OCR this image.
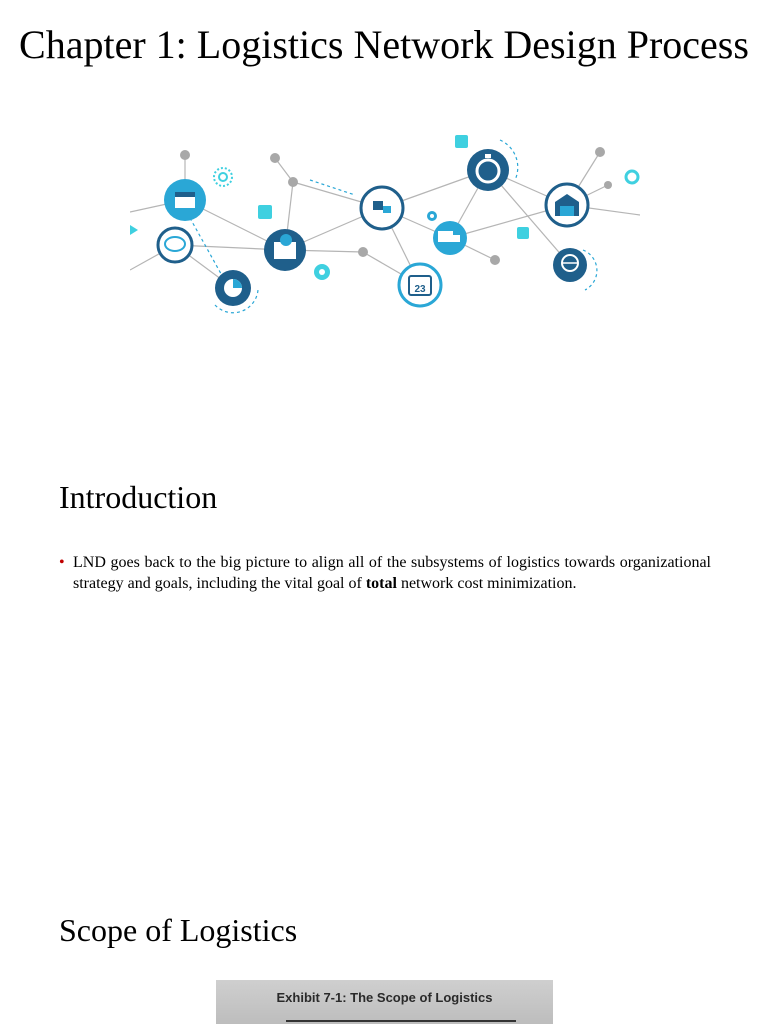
Chapter 1: Logistics Network Design Process
23
Introduction
• LND goes back to the big picture to align all of the subsystems of logistics towards organizational strategy and goals, including the vital goal of total network cost minimization.
Scope of Logistics
Exhibit 7-1: The Scope of Logistics
